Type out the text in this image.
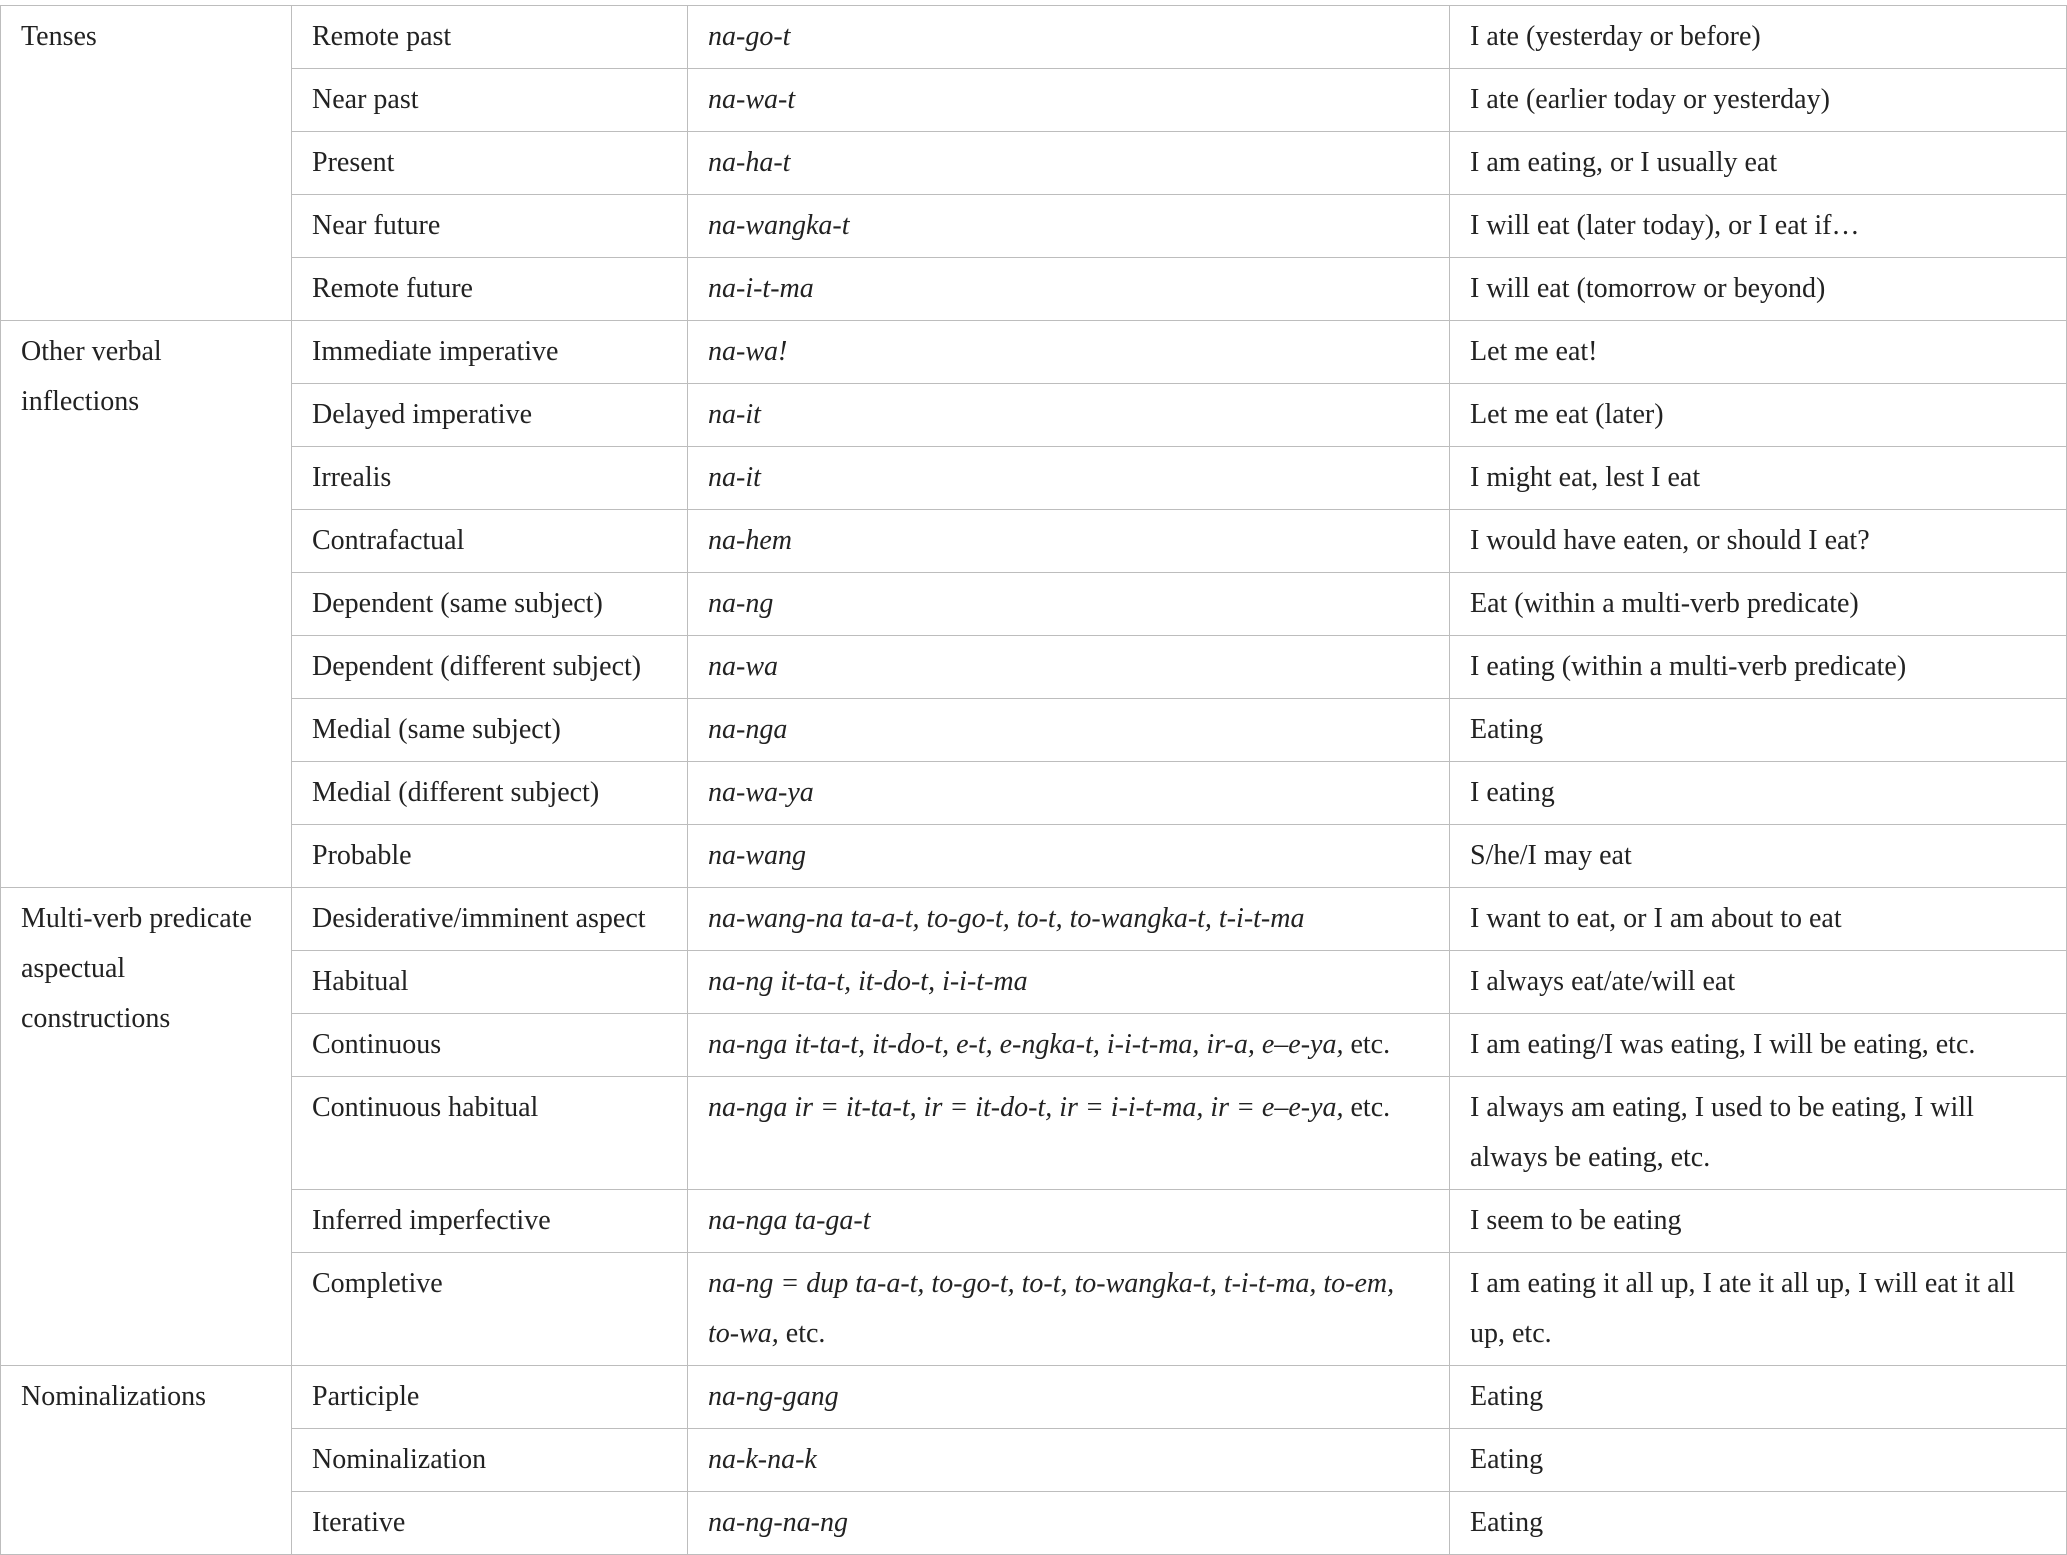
Tenses	Remote past	na-go-t	I ate (yesterday or before)
	Near past	na-wa-t	I ate (earlier today or yesterday)
	Present	na-ha-t	I am eating, or I usually eat
	Near future	na-wangka-t	I will eat (later today), or I eat if…
	Remote future	na-i-t-ma	I will eat (tomorrow or beyond)
Other verbal inflections	Immediate imperative	na-wa!	Let me eat!
	Delayed imperative	na-it	Let me eat (later)
	Irrealis	na-it	I might eat, lest I eat
	Contrafactual	na-hem	I would have eaten, or should I eat?
	Dependent (same subject)	na-ng	Eat (within a multi-verb predicate)
	Dependent (different subject)	na-wa	I eating (within a multi-verb predicate)
	Medial (same subject)	na-nga	Eating
	Medial (different subject)	na-wa-ya	I eating
	Probable	na-wang	S/he/I may eat
Multi-verb predicate aspectual constructions	Desiderative/imminent aspect	na-wang-na ta-a-t, to-go-t, to-t, to-wangka-t, t-i-t-ma	I want to eat, or I am about to eat
	Habitual	na-ng it-ta-t, it-do-t, i-i-t-ma	I always eat/ate/will eat
	Continuous	na-nga it-ta-t, it-do-t, e-t, e-ngka-t, i-i-t-ma, ir-a, e–e-ya, etc.	I am eating/I was eating, I will be eating, etc.
	Continuous habitual	na-nga ir = it-ta-t, ir = it-do-t, ir = i-i-t-ma, ir = e–e-ya, etc.	I always am eating, I used to be eating, I will always be eating, etc.
	Inferred imperfective	na-nga ta-ga-t	I seem to be eating
	Completive	na-ng = dup ta-a-t, to-go-t, to-t, to-wangka-t, t-i-t-ma, to-em, to-wa, etc.	I am eating it all up, I ate it all up, I will eat it all up, etc.
Nominalizations	Participle	na-ng-gang	Eating
	Nominalization	na-k-na-k	Eating
	Iterative	na-ng-na-ng	Eating
